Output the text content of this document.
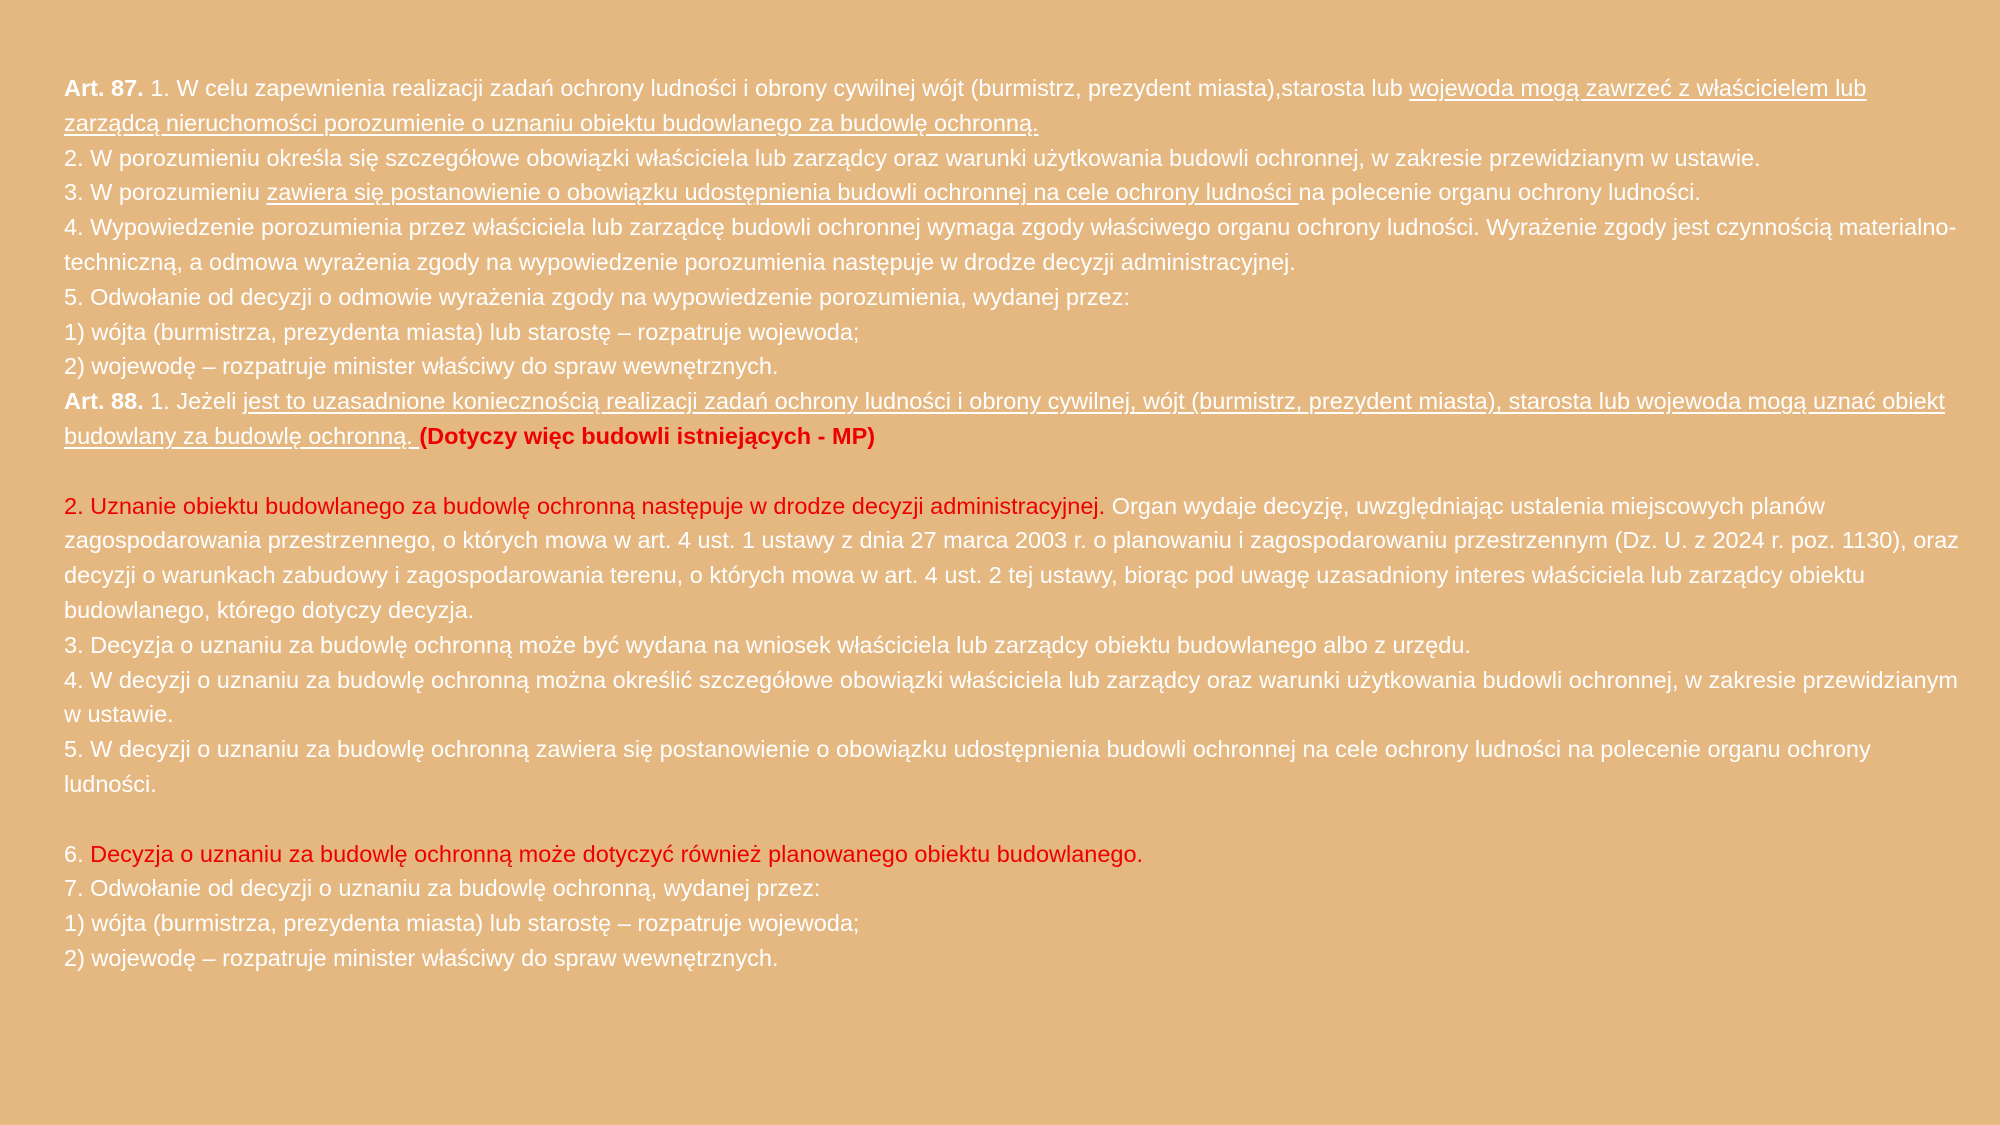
Art. 87. 1. W celu zapewnienia realizacji zadań ochrony ludności i obrony cywilnej wójt (burmistrz, prezydent miasta),starosta lub wojewoda mogą zawrzeć z właścicielem lub zarządcą nieruchomości porozumienie o uznaniu obiektu budowlanego za budowlę ochronną.

2. W porozumieniu określa się szczegółowe obowiązki właściciela lub zarządcy oraz warunki użytkowania budowli ochronnej, w zakresie przewidzianym w ustawie.

3. W porozumieniu zawiera się postanowienie o obowiązku udostępnienia budowli ochronnej na cele ochrony ludności na polecenie organu ochrony ludności.

4. Wypowiedzenie porozumienia przez właściciela lub zarządcę budowli ochronnej wymaga zgody właściwego organu ochrony ludności. Wyrażenie zgody jest czynnością materialno-techniczną, a odmowa wyrażenia zgody na wypowiedzenie porozumienia następuje w drodze decyzji administracyjnej.

5. Odwołanie od decyzji o odmowie wyrażenia zgody na wypowiedzenie porozumienia, wydanej przez:

1) wójta (burmistrza, prezydenta miasta) lub starostę – rozpatruje wojewoda;

2) wojewodę – rozpatruje minister właściwy do spraw wewnętrznych.

Art. 88. 1. Jeżeli jest to uzasadnione koniecznością realizacji zadań ochrony ludności i obrony cywilnej, wójt (burmistrz, prezydent miasta), starosta lub wojewoda mogą uznać obiekt budowlany za budowlę ochronną. (Dotyczy więc budowli istniejących - MP)

2. Uznanie obiektu budowlanego za budowlę ochronną następuje w drodze decyzji administracyjnej. Organ wydaje decyzję, uwzględniając ustalenia miejscowych planów zagospodarowania przestrzennego, o których mowa w art. 4 ust. 1 ustawy z dnia 27 marca 2003 r. o planowaniu i zagospodarowaniu przestrzennym (Dz. U. z 2024 r. poz. 1130), oraz decyzji o warunkach zabudowy i zagospodarowania terenu, o których mowa w art. 4 ust. 2 tej ustawy, biorąc pod uwagę uzasadniony interes właściciela lub zarządcy obiektu budowlanego, którego dotyczy decyzja.

3. Decyzja o uznaniu za budowlę ochronną może być wydana na wniosek właściciela lub zarządcy obiektu budowlanego albo z urzędu.

4. W decyzji o uznaniu za budowlę ochronną można określić szczegółowe obowiązki właściciela lub zarządcy oraz warunki użytkowania budowli ochronnej, w zakresie przewidzianym w ustawie.

5. W decyzji o uznaniu za budowlę ochronną zawiera się postanowienie o obowiązku udostępnienia budowli ochronnej na cele ochrony ludności na polecenie organu ochrony ludności.

6. Decyzja o uznaniu za budowlę ochronną może dotyczyć również planowanego obiektu budowlanego.

7. Odwołanie od decyzji o uznaniu za budowlę ochronną, wydanej przez:

1) wójta (burmistrza, prezydenta miasta) lub starostę – rozpatruje wojewoda;

2) wojewodę – rozpatruje minister właściwy do spraw wewnętrznych.
